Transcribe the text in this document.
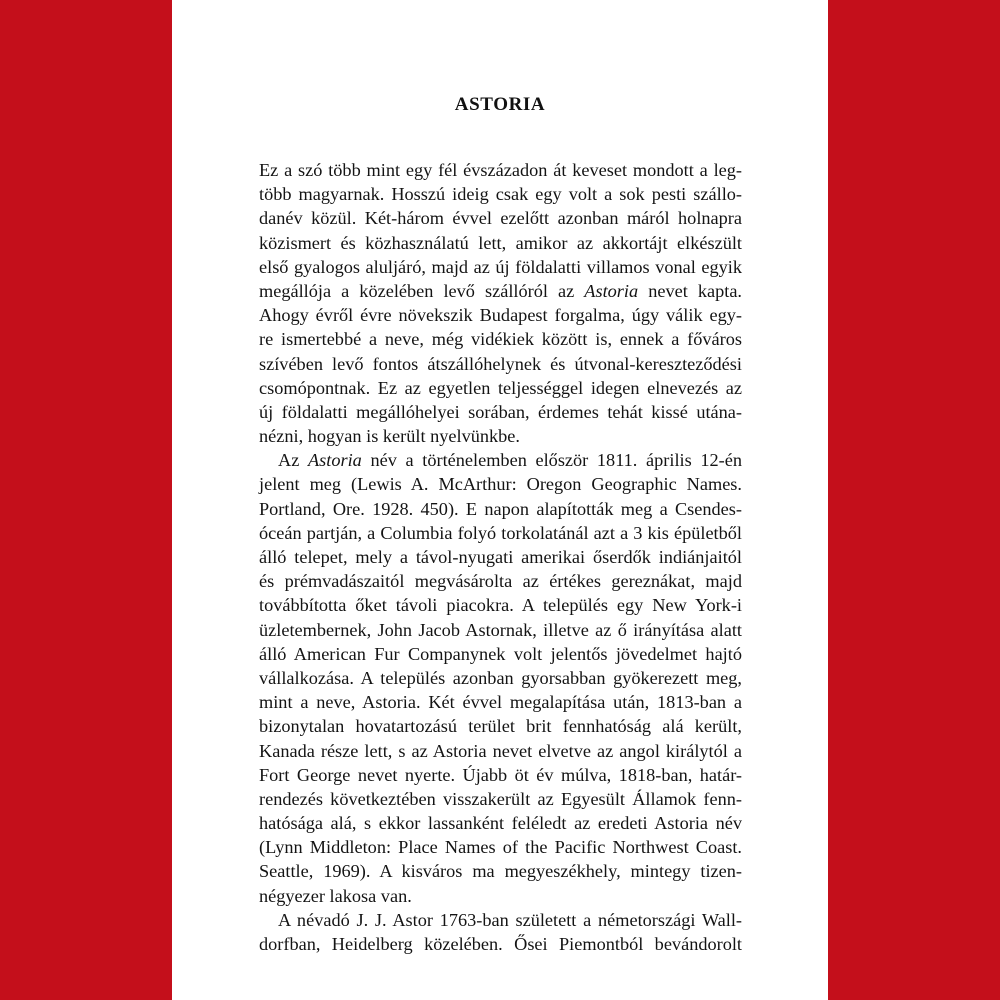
ASTORIA
Ez a szó több mint egy fél évszázadon át keveset mondott a leg-
több magyarnak. Hosszú ideig csak egy volt a sok pesti szállo-
danév közül. Két-három évvel ezelőtt azonban máról holnapra
közismert és közhasználatú lett, amikor az akkortájt elkészült
első gyalogos aluljáró, majd az új földalatti villamos vonal egyik
megállója a közelében levő szállóról az Astoria nevet kapta.
Ahogy évről évre növekszik Budapest forgalma, úgy válik egy-
re ismertebbé a neve, még vidékiek között is, ennek a főváros
szívében levő fontos átszállóhelynek és útvonal-kereszteződési
csomópontnak. Ez az egyetlen teljességgel idegen elnevezés az
új földalatti megállóhelyei sorában, érdemes tehát kissé utána-
nézni, hogyan is került nyelvünkbe.
Az Astoria név a történelemben először 1811. április 12-én
jelent meg (Lewis A. McArthur: Oregon Geographic Names.
Portland, Ore. 1928. 450). E napon alapították meg a Csendes-
óceán partján, a Columbia folyó torkolatánál azt a 3 kis épületből
álló telepet, mely a távol-nyugati amerikai őserdők indiánjaitól
és prémvadászaitól megvásárolta az értékes gereznákat, majd
továbbította őket távoli piacokra. A település egy New York-i
üzletembernek, John Jacob Astornak, illetve az ő irányítása alatt
álló American Fur Companynek volt jelentős jövedelmet hajtó
vállalkozása. A település azonban gyorsabban gyökerezett meg,
mint a neve, Astoria. Két évvel megalapítása után, 1813-ban a
bizonytalan hovatartozású terület brit fennhatóság alá került,
Kanada része lett, s az Astoria nevet elvetve az angol királytól a
Fort George nevet nyerte. Újabb öt év múlva, 1818-ban, határ-
rendezés következtében visszakerült az Egyesült Államok fenn-
hatósága alá, s ekkor lassanként feléledt az eredeti Astoria név
(Lynn Middleton: Place Names of the Pacific Northwest Coast.
Seattle, 1969). A kisváros ma megyeszékhely, mintegy tizen-
négyezer lakosa van.
A névadó J. J. Astor 1763-ban született a németországi Wall-
dorfban, Heidelberg közelében. Ősei Piemontból bevándorolt
